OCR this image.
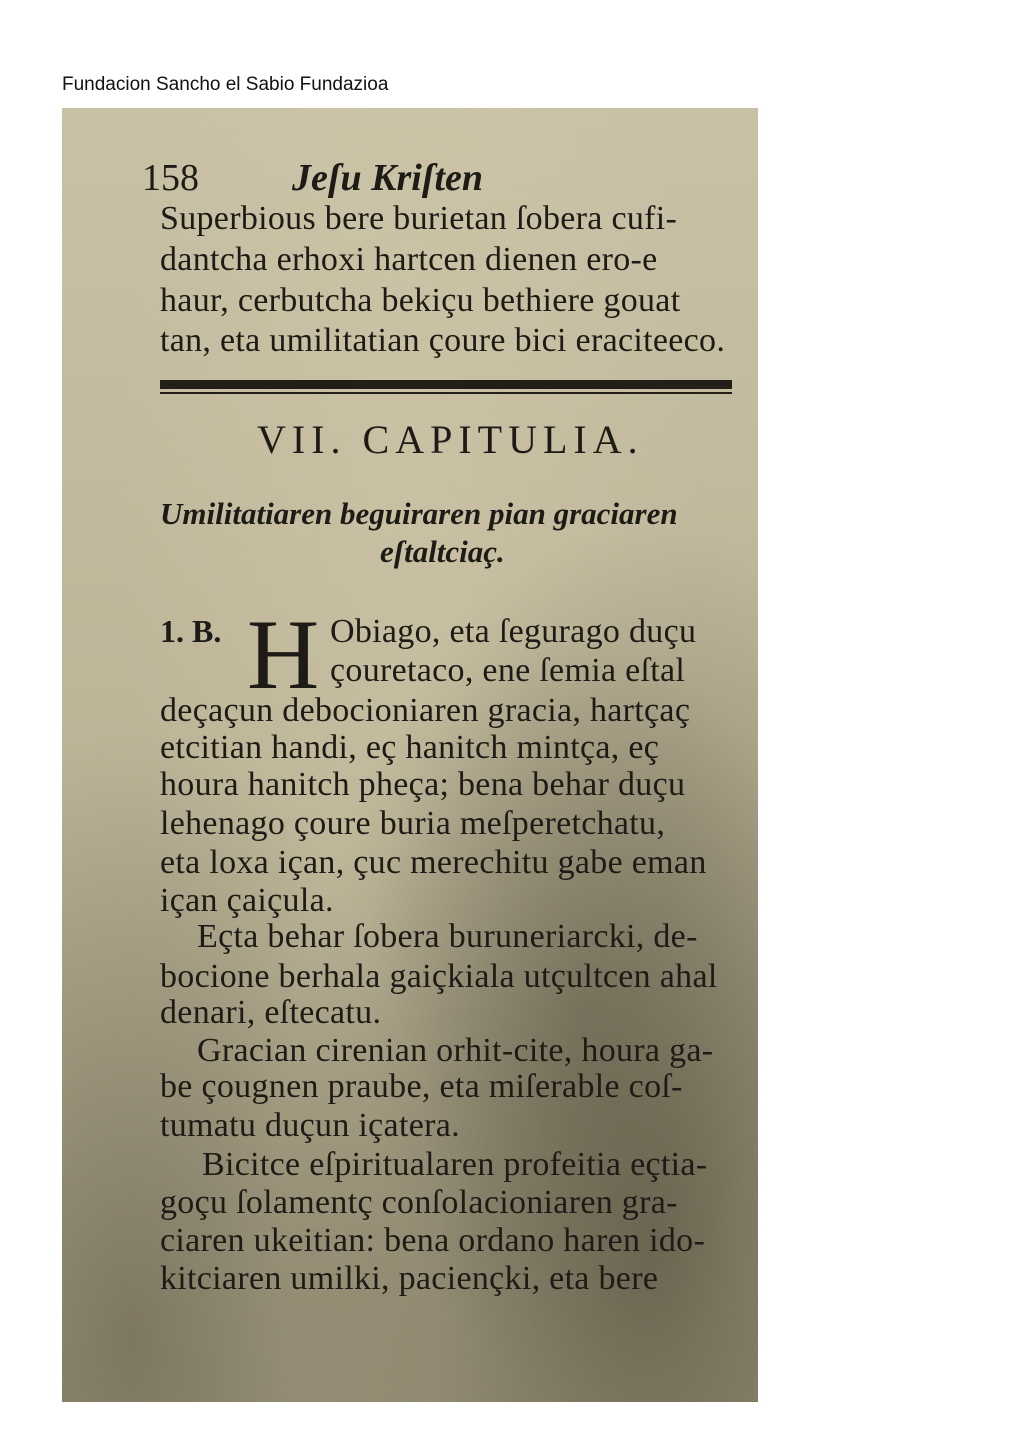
Fundacion Sancho el Sabio Fundazioa
158 Jeſu Kriſten
Superbious bere burietan ſobera cufi-
dantcha erhoxi hartcen dienen ero-e
haur, cerbutcha bekiçu bethiere gouat
tan, eta umilitatian çoure bici eraciteeco.
VII. CAPITULIA.
Umilitatiaren beguiraren pian graciaren
eſtaltciaç.
1. B. H Obiago, eta ſegurago duçu
çouretaco, ene ſemia eſtal
deçaçun debocioniaren gracia, hartçaç
etcitian handi, eç hanitch mintça, eç
houra hanitch pheça; bena behar duçu
lehenago çoure buria meſperetchatu,
eta loxa içan, çuc merechitu gabe eman
içan çaiçula.
Eçta behar ſobera buruneriarcki, de-
bocione berhala gaiçkiala utçultcen ahal
denari, eſtecatu.
Gracian cirenian orhit-cite, houra ga-
be çougnen praube, eta miſerable coſ-
tumatu duçun içatera.
Bicitce eſpiritualaren profeitia eçtia-
goçu ſolamentç conſolacioniaren gra-
ciaren ukeitian: bena ordano haren ido-
kitciaren umilki, paciençki, eta bere
